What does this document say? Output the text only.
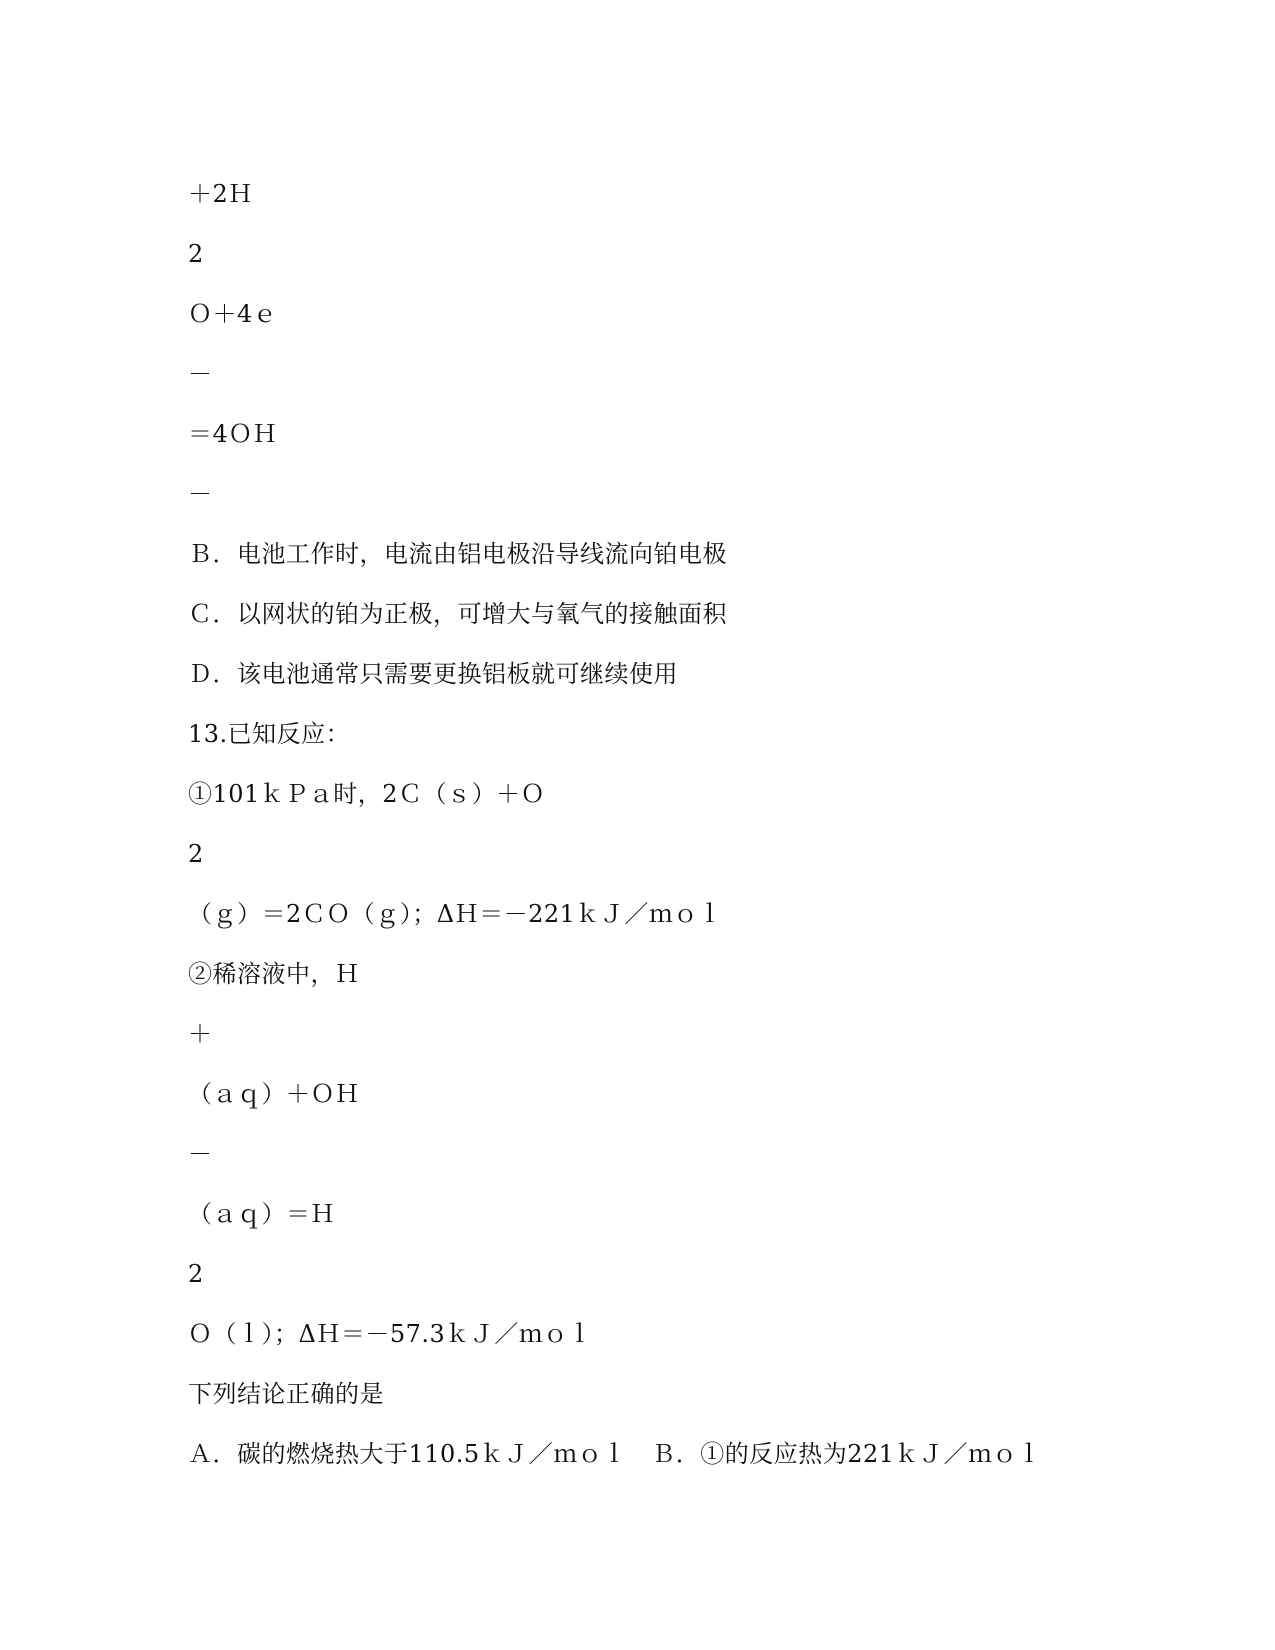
＋2Ｈ
2
Ｏ＋4ｅ
－
＝4ＯＨ
－
Ｂ．电池工作时，电流由铝电极沿导线流向铂电极
Ｃ．以网状的铂为正极，可增大与氧气的接触面积
Ｄ．该电池通常只需要更换铝板就可继续使用
13.已知反应：
①101ｋＰａ时，2Ｃ（ｓ）＋Ｏ
2
（ｇ）＝2ＣＯ（ｇ）；ΔＨ＝－221ｋＪ／ｍｏｌ
②稀溶液中，Ｈ
＋
（ａｑ）＋ＯＨ
－
（ａｑ）＝Ｈ
2
Ｏ（ｌ）；ΔＨ＝－57.3ｋＪ／ｍｏｌ
下列结论正确的是
Ａ．碳的燃烧热大于110.5ｋＪ／ｍｏｌ　Ｂ．①的反应热为221ｋＪ／ｍｏｌ
